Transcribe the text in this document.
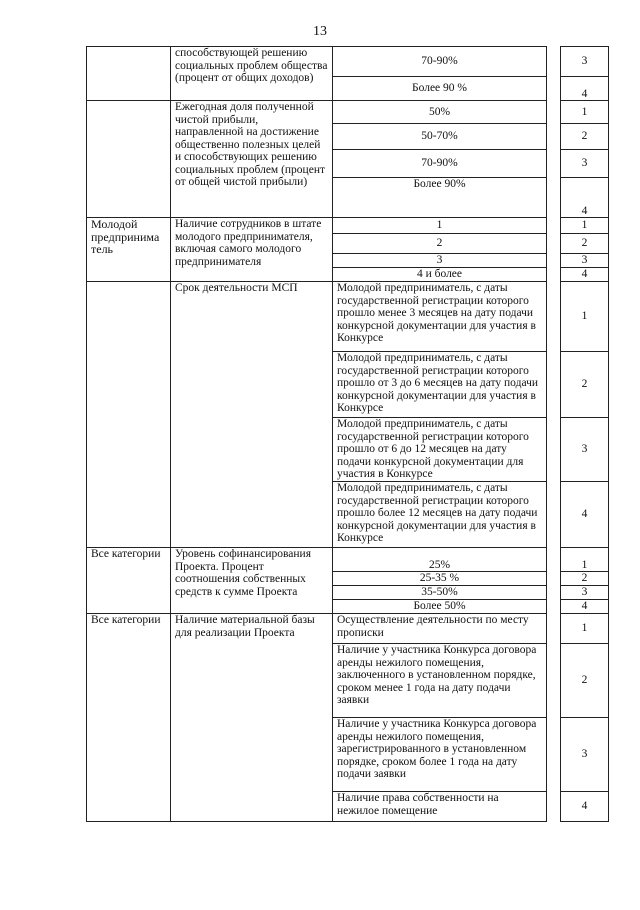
13
	способствующей решению социальных проблем общества (процент от общих доходов)	70-90%		3
		Более 90 %		4
	Ежегодная доля полученной чистой прибыли, направленной на достижение общественно полезных целей и способствующих решению социальных проблем (процент от общей чистой прибыли)	50%		1
		50-70%		2
		70-90%		3
		Более 90%		4
Молодой предпринимa тель	Наличие сотрудников в штате молодого предпринимателя, включая самого молодого предпринимателя	1		1
		2		2
		3		3
		4 и более		4
	Срок деятельности МСП	Молодой предприниматель, с даты государственной регистрации которого прошло менее 3 месяцев на дату подачи конкурсной документации для участия в Конкурсе		1
		Молодой предприниматель, с даты государственной регистрации которого прошло от 3 до 6 месяцев на дату подачи конкурсной документации для участия в Конкурсе		2
		Молодой предприниматель, с даты государственной регистрации которого прошло от 6 до 12 месяцев на дату подачи конкурсной документации для участия в Конкурсе		3
		Молодой предприниматель, с даты государственной регистрации которого прошло более 12 месяцев на дату подачи конкурсной документации для участия в Конкурсе		4
Все категории	Уровень софинансирования Проекта. Процент соотношения собственных средств к сумме Проекта	25%		1
		25-35 %		2
		35-50%		3
		Более 50%		4
Все категории	Наличие материальной базы для реализации Проекта	Осуществление деятельности по месту прописки		1
		Наличие у участника Конкурса договора аренды нежилого помещения, заключенного в установленном порядке, сроком менее 1 года на дату подачи заявки		2
		Наличие у участника Конкурса договора аренды нежилого помещения, зарегистрированного в установленном порядке, сроком более 1 года на дату подачи заявки		3
		Наличие права собственности на нежилое помещение		4
